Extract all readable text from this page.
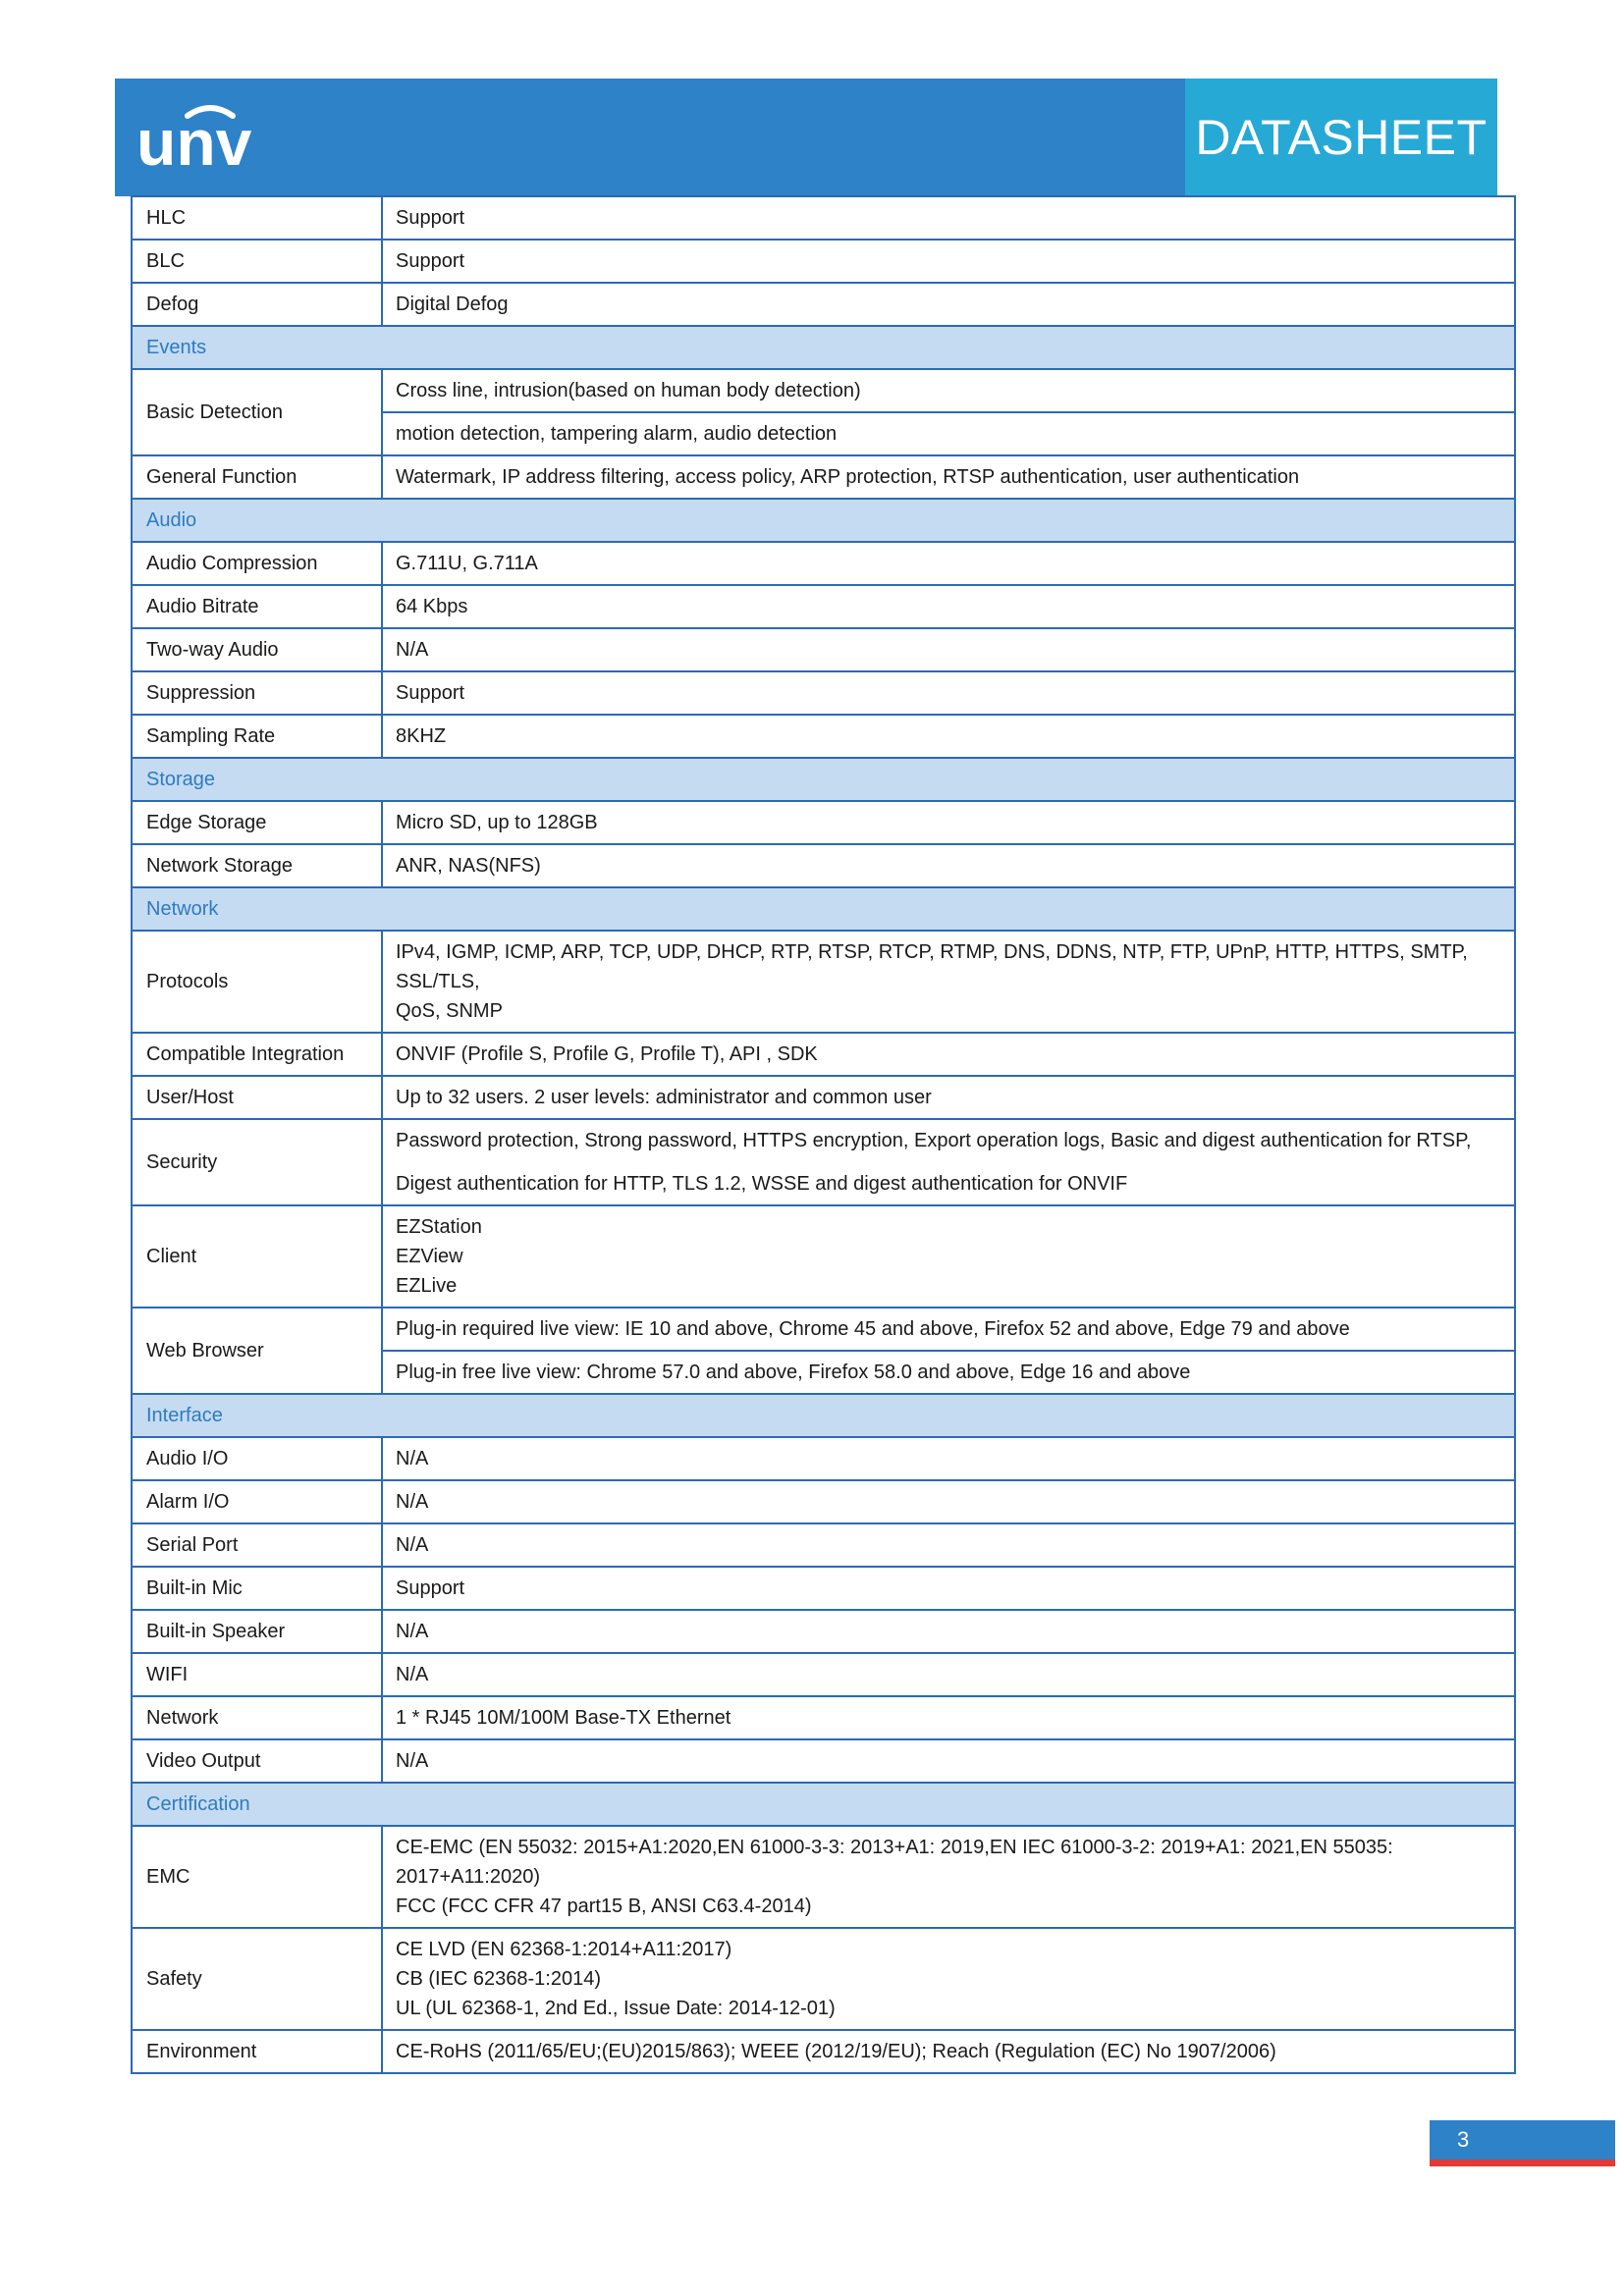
unv	DATASHEET
HLC	Support

BLC	Support

Defog	Digital Defog

Events	
Basic Detection	Cross line, intrusion(based on human body detection)

	motion detection, tampering alarm, audio detection

General Function	Watermark, IP address filtering, access policy, ARP protection, RTSP authentication, user authentication

Audio	
Audio Compression	G.711U, G.711A

Audio Bitrate	64 Kbps

Two-way Audio	N/A

Suppression	Support

Sampling Rate	8KHZ

Storage	
Edge Storage	Micro SD, up to 128GB

Network Storage	ANR, NAS(NFS)

Network	
Protocols	IPv4, IGMP, ICMP, ARP, TCP, UDP, DHCP, RTP, RTSP, RTCP, RTMP, DNS, DDNS, NTP, FTP, UPnP, HTTP, HTTPS, SMTP, SSL/TLS,
QoS, SNMP

Compatible Integration	ONVIF (Profile S, Profile G, Profile T), API , SDK

User/Host	Up to 32 users. 2 user levels: administrator and common user

Security	Password protection, Strong password, HTTPS encryption, Export operation logs, Basic and digest authentication for RTSP,
Digest authentication for HTTP, TLS 1.2, WSSE and digest authentication for ONVIF

Client	EZStation
EZView
EZLive

Web Browser	Plug-in required live view: IE 10 and above, Chrome 45 and above, Firefox 52 and above, Edge 79 and above

	Plug-in free live view: Chrome 57.0 and above, Firefox 58.0 and above, Edge 16 and above

Interface	
Audio I/O	N/A

Alarm I/O	N/A

Serial Port	N/A

Built-in Mic	Support

Built-in Speaker	N/A

WIFI	N/A

Network	1 * RJ45 10M/100M Base-TX Ethernet

Video Output	N/A

Certification	
EMC	CE-EMC (EN 55032: 2015+A1:2020,EN 61000-3-3: 2013+A1: 2019,EN IEC 61000-3-2: 2019+A1: 2021,EN 55035:
2017+A11:2020)
FCC (FCC CFR 47 part15 B, ANSI C63.4-2014)

Safety	CE LVD (EN 62368-1:2014+A11:2017)
CB (IEC 62368-1:2014)
UL (UL 62368-1, 2nd Ed., Issue Date: 2014-12-01)

Environment	CE-RoHS (2011/65/EU;(EU)2015/863); WEEE (2012/19/EU); Reach (Regulation (EC) No 1907/2006)
3
